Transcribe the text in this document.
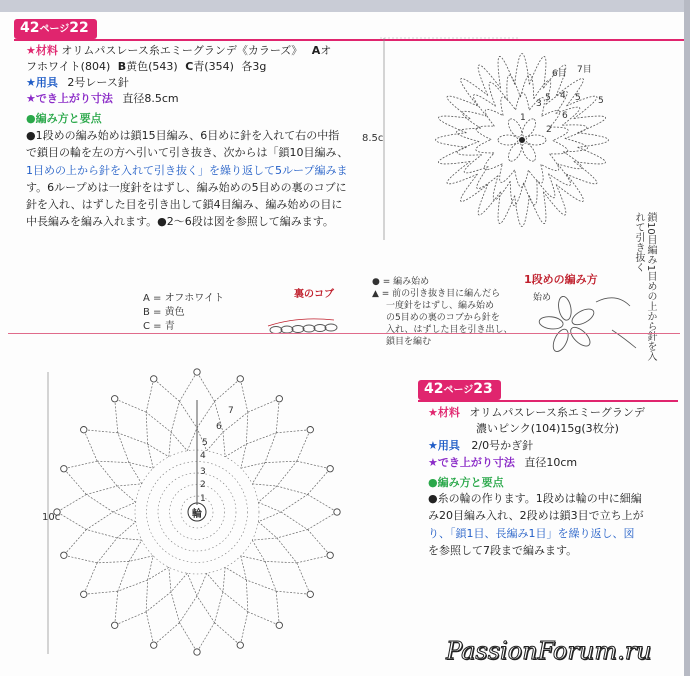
42ページ22
★材料 オリムパスレース糸エミーグランデ《カラーズ》 Aオ
フホワイト(804) B黄色(543) C青(354) 各3g
★用具 2号レース針
★でき上がり寸法 直径8.5cm
●編み方と要点
●1段めの編み始めは鎖15目編み、6目めに針を入れて右の中指
で鎖目の輪を左の方へ引いて引き抜き、次からは「鎖10目編み、
1目めの上から針を入れて引き抜く」を繰り返して5ループ編みま
す。6ループめは一度針をはずし、編み始めの5目めの裏のコブに
針を入れ、はずした目を引き出して鎖4目編み、編み始めの目に
中長編みを編み入れます。●2〜6段は図を参照して編みます。
8.5c
6目 7目
5 4 5 5
6
1
3
2
A = オフホワイト
B = 黄色
C = 青
裏のコブ
● = 編み始め
▲ = 前の引き抜き目に編んだら
一度針をはずし、編み始め
の5目めの裏のコブから針を
入れ、はずした目を引き出し、
鎖目を編む
1段めの編み方
始め	鎖10目編み1目めの上から針を入れて引き抜く
42ページ23
★材料 オリムパスレース糸エミーグランデ
濃いピンク(104)15g(3枚分)
★用具 2/0号かぎ針
★でき上がり寸法 直径10cm
●編み方と要点
●糸の輪の作ります。1段めは輪の中に細編
み20目編み入れ、2段めは鎖3目で立ち上が
り、「鎖1目、長編み1目」を繰り返し、図
を参照して7段まで編みます。
10c	輪
7
6
5
4
3
2
1
PassionForum.ru
